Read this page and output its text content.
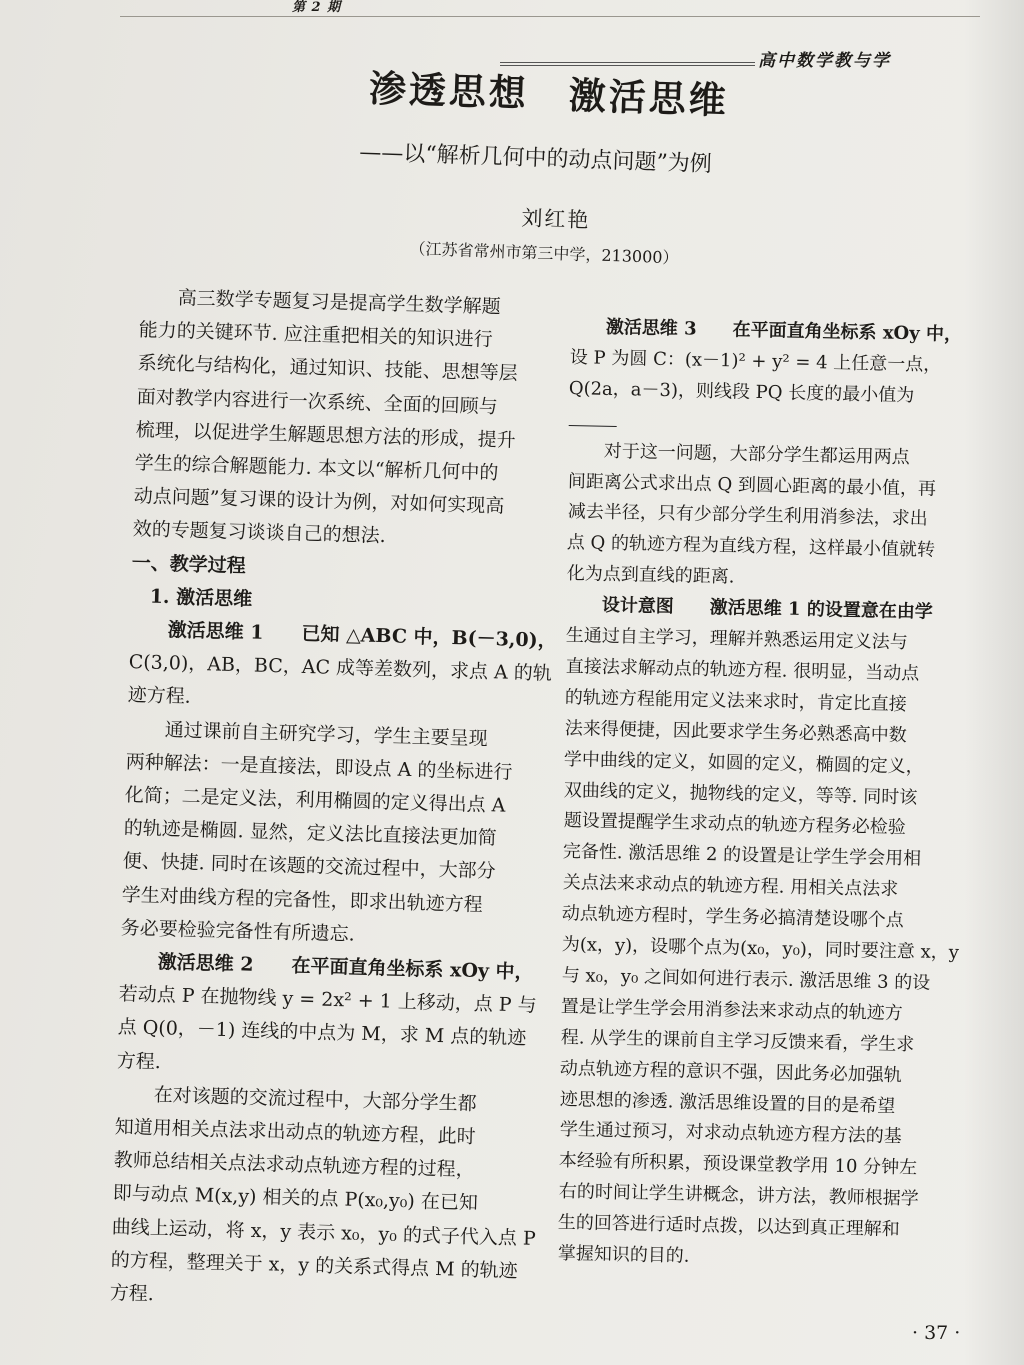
第 2 期
高中数学教与学
渗透思想　激活思维
——以“解析几何中的动点问题”为例
刘红艳
（江苏省常州市第三中学，213000）
　　高三数学专题复习是提高学生数学解题
能力的关键环节. 应注重把相关的知识进行
系统化与结构化，通过知识、技能、思想等层
面对教学内容进行一次系统、全面的回顾与
梳理，以促进学生解题思想方法的形成，提升
学生的综合解题能力. 本文以“解析几何中的
动点问题”复习课的设计为例，对如何实现高
效的专题复习谈谈自己的想法.
一、教学过程
　1. 激活思维
　　激活思维 1　　已知 △ABC 中，B(－3,0)，
C(3,0)，AB，BC，AC 成等差数列，求点 A 的轨
迹方程.
　　通过课前自主研究学习，学生主要呈现
两种解法：一是直接法，即设点 A 的坐标进行
化简；二是定义法，利用椭圆的定义得出点 A
的轨迹是椭圆. 显然，定义法比直接法更加简
便、快捷. 同时在该题的交流过程中，大部分
学生对曲线方程的完备性，即求出轨迹方程
务必要检验完备性有所遗忘.
　　激活思维 2　　在平面直角坐标系 xOy 中，
若动点 P 在抛物线 y = 2x² + 1 上移动，点 P 与
点 Q(0，－1) 连线的中点为 M，求 M 点的轨迹
方程.
　　在对该题的交流过程中，大部分学生都
知道用相关点法求出动点的轨迹方程，此时
教师总结相关点法求动点轨迹方程的过程，
即与动点 M(x,y) 相关的点 P(x₀,y₀) 在已知
曲线上运动，将 x，y 表示 x₀，y₀ 的式子代入点 P
的方程，整理关于 x，y 的关系式得点 M 的轨迹
方程.
　　激活思维 3　　在平面直角坐标系 xOy 中，
设 P 为圆 C：(x－1)² + y² = 4 上任意一点，
Q(2a，a－3)，则线段 PQ 长度的最小值为
　　对于这一问题，大部分学生都运用两点
间距离公式求出点 Q 到圆心距离的最小值，再
减去半径，只有少部分学生利用消参法，求出
点 Q 的轨迹方程为直线方程，这样最小值就转
化为点到直线的距离.
　　设计意图　　激活思维 1 的设置意在由学
生通过自主学习，理解并熟悉运用定义法与
直接法求解动点的轨迹方程. 很明显，当动点
的轨迹方程能用定义法来求时，肯定比直接
法来得便捷，因此要求学生务必熟悉高中数
学中曲线的定义，如圆的定义，椭圆的定义，
双曲线的定义，抛物线的定义，等等. 同时该
题设置提醒学生求动点的轨迹方程务必检验
完备性. 激活思维 2 的设置是让学生学会用相
关点法来求动点的轨迹方程. 用相关点法求
动点轨迹方程时，学生务必搞清楚设哪个点
为(x，y)，设哪个点为(x₀，y₀)，同时要注意 x，y
与 x₀，y₀ 之间如何进行表示. 激活思维 3 的设
置是让学生学会用消参法来求动点的轨迹方
程. 从学生的课前自主学习反馈来看，学生求
动点轨迹方程的意识不强，因此务必加强轨
迹思想的渗透. 激活思维设置的目的是希望
学生通过预习，对求动点轨迹方程方法的基
本经验有所积累，预设课堂教学用 10 分钟左
右的时间让学生讲概念，讲方法，教师根据学
生的回答进行适时点拨，以达到真正理解和
掌握知识的目的.
· 37 ·
